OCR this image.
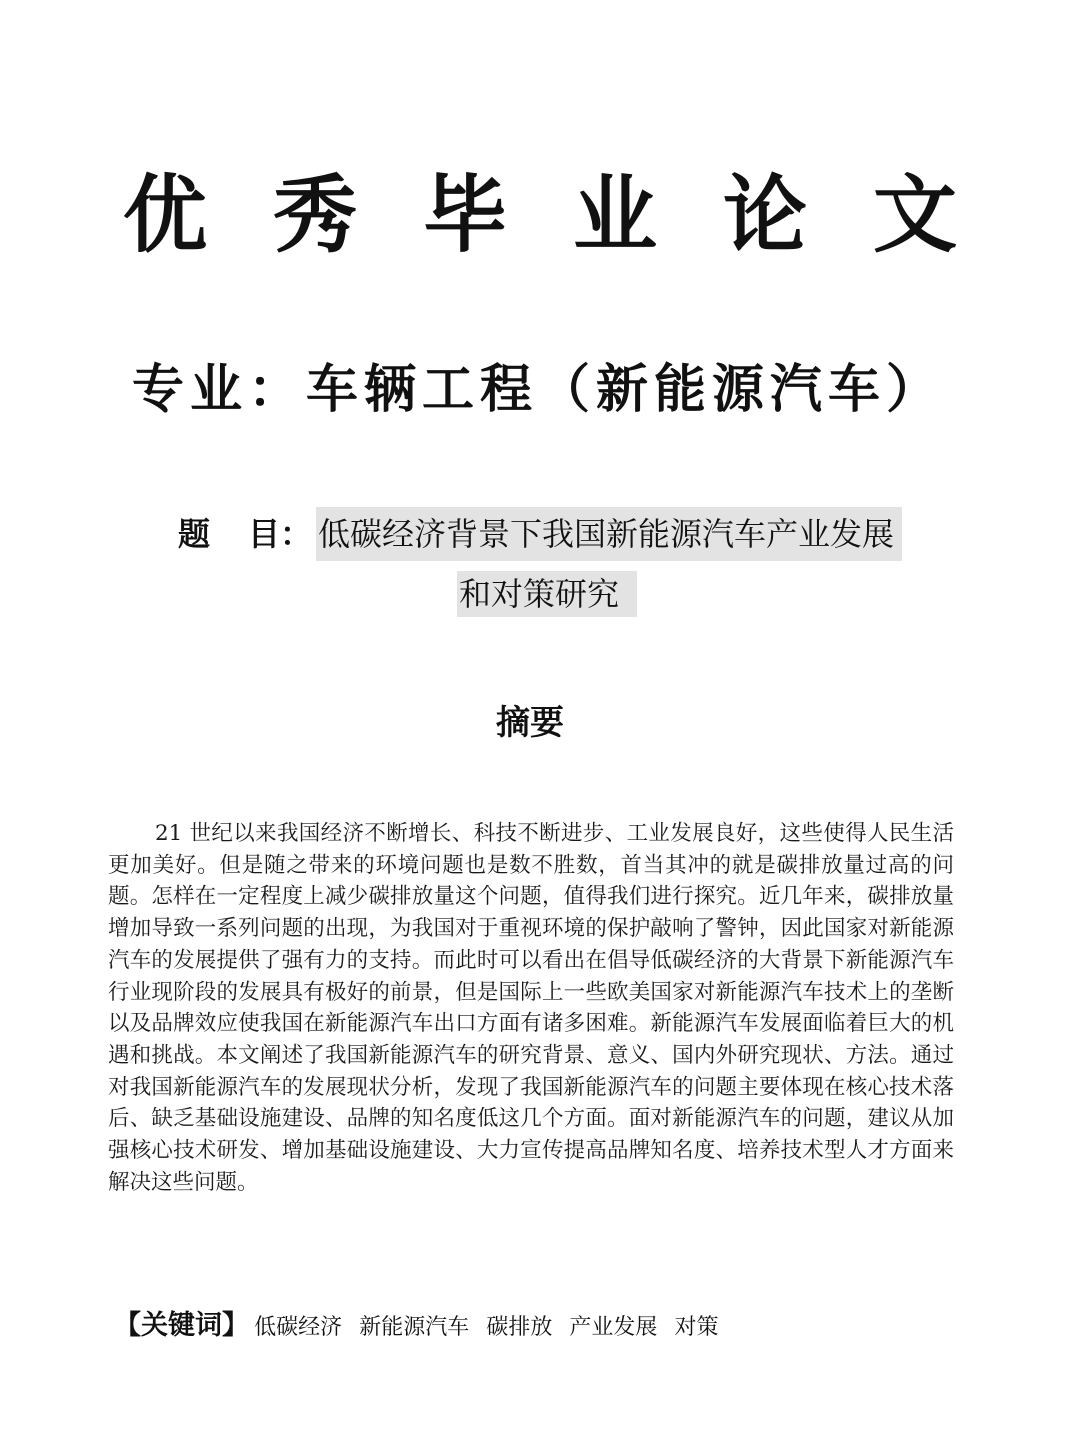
优秀毕业论文
专业：车辆工程（新能源汽车）
题 目： 低碳经济背景下我国新能源汽车产业发展
和对策研究
摘要
21 世纪以来我国经济不断增长、科技不断进步、工业发展良好，这些使得人民生活更加美好。但是随之带来的环境问题也是数不胜数，首当其冲的就是碳排放量过高的问题。怎样在一定程度上减少碳排放量这个问题，值得我们进行探究。近几年来，碳排放量增加导致一系列问题的出现，为我国对于重视环境的保护敲响了警钟，因此国家对新能源汽车的发展提供了强有力的支持。而此时可以看出在倡导低碳经济的大背景下新能源汽车行业现阶段的发展具有极好的前景，但是国际上一些欧美国家对新能源汽车技术上的垄断以及品牌效应使我国在新能源汽车出口方面有诸多困难。新能源汽车发展面临着巨大的机遇和挑战。本文阐述了我国新能源汽车的研究背景、意义、国内外研究现状、方法。通过对我国新能源汽车的发展现状分析，发现了我国新能源汽车的问题主要体现在核心技术落 后、缺乏基础设施建设、品牌的知名度低这几个方面。面对新能源汽车的问题，建议从加强核心技术研发、增加基础设施建设、大力宣传提高品牌知名度、培养技术型人才方面来解决这些问题。
【关键词】 低碳经济 新能源汽车 碳排放 产业发展 对策
